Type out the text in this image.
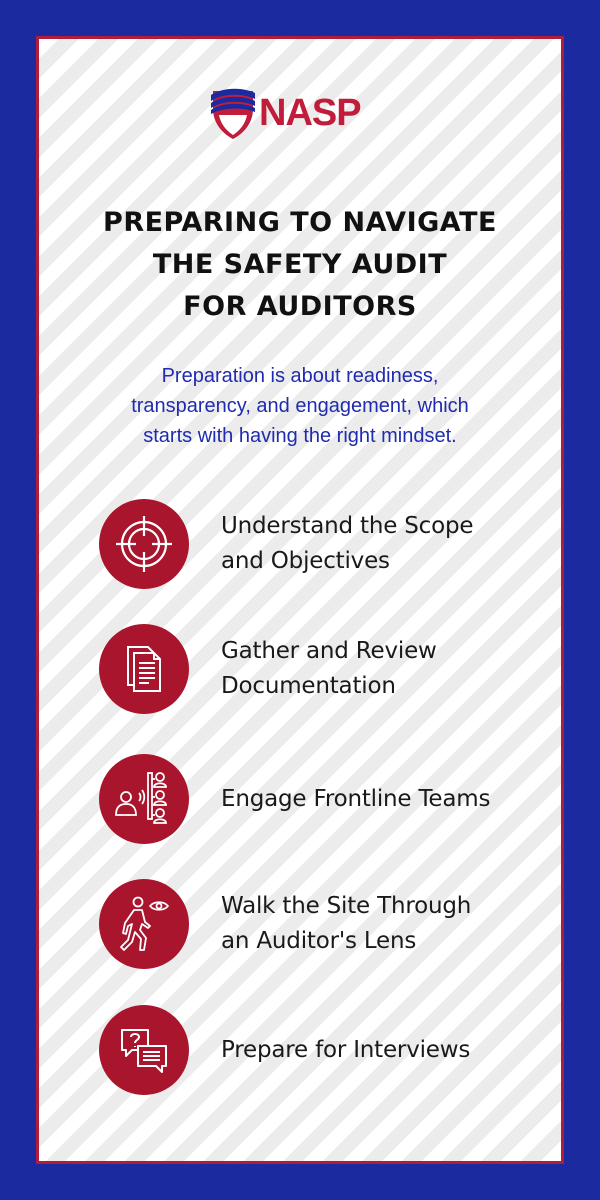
NASP
PREPARING TO NAVIGATE
THE SAFETY AUDIT
FOR AUDITORS
Preparation is about readiness,
transparency, and engagement, which
starts with having the right mindset.
Understand the Scope
and Objectives
Gather and Review
Documentation
Engage Frontline Teams
Walk the Site Through
an Auditor's Lens
Prepare for Interviews
